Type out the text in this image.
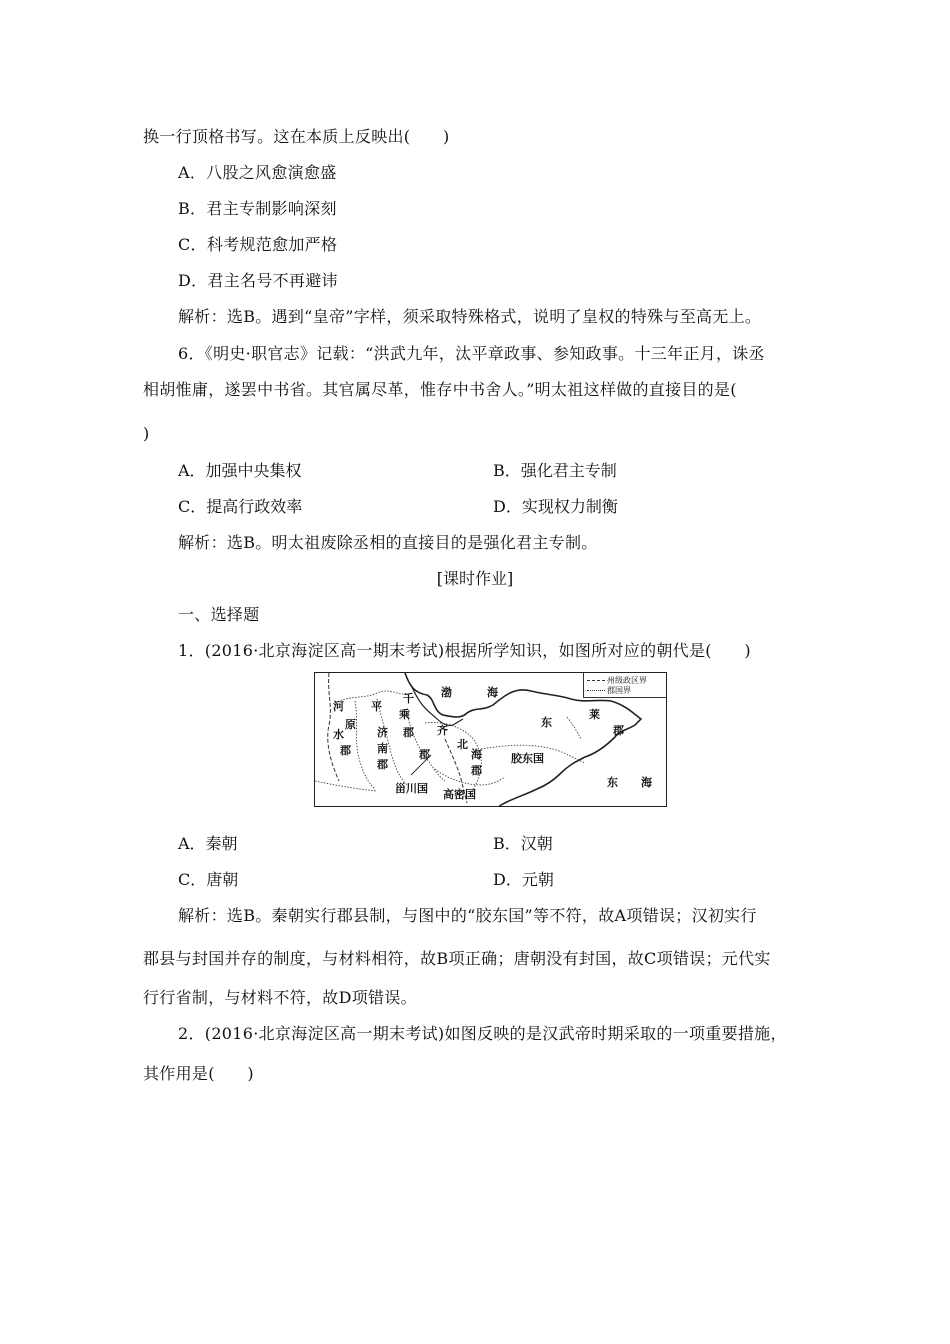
换一行顶格书写。这在本质上反映出(　　)
A．八股之风愈演愈盛
B．君主专制影响深刻
C．科考规范愈加严格
D．君主名号不再避讳
解析：选B。遇到“皇帝”字样，须采取特殊格式，说明了皇权的特殊与至高无上。
6．《明史·职官志》记载：“洪武九年，汰平章政事、参知政事。十三年正月，诛丞
相胡惟庸，遂罢中书省。其官属尽革，惟存中书舍人。”明太祖这样做的直接目的是(
)
A．加强中央集权	B．强化君主专制
C．提高行政效率	D．实现权力制衡
解析：选B。明太祖废除丞相的直接目的是强化君主专制。
[课时作业]
一、选择题
1．(2016·北京海淀区高一期末考试)根据所学知识，如图所对应的朝代是(　　)
州级政区界
郡国界
河
水
郡
平
原
千
乘
郡
济
南
郡
渤	海
齐
郡
北
海
郡
东
莱
郡
胶东国
甾川国 高密国
东 海
A．秦朝	B．汉朝
C．唐朝	D．元朝
解析：选B。秦朝实行郡县制，与图中的“胶东国”等不符，故A项错误；汉初实行
郡县与封国并存的制度，与材料相符，故B项正确；唐朝没有封国，故C项错误；元代实
行行省制，与材料不符，故D项错误。
2．(2016·北京海淀区高一期末考试)如图反映的是汉武帝时期采取的一项重要措施，
其作用是(　　)
